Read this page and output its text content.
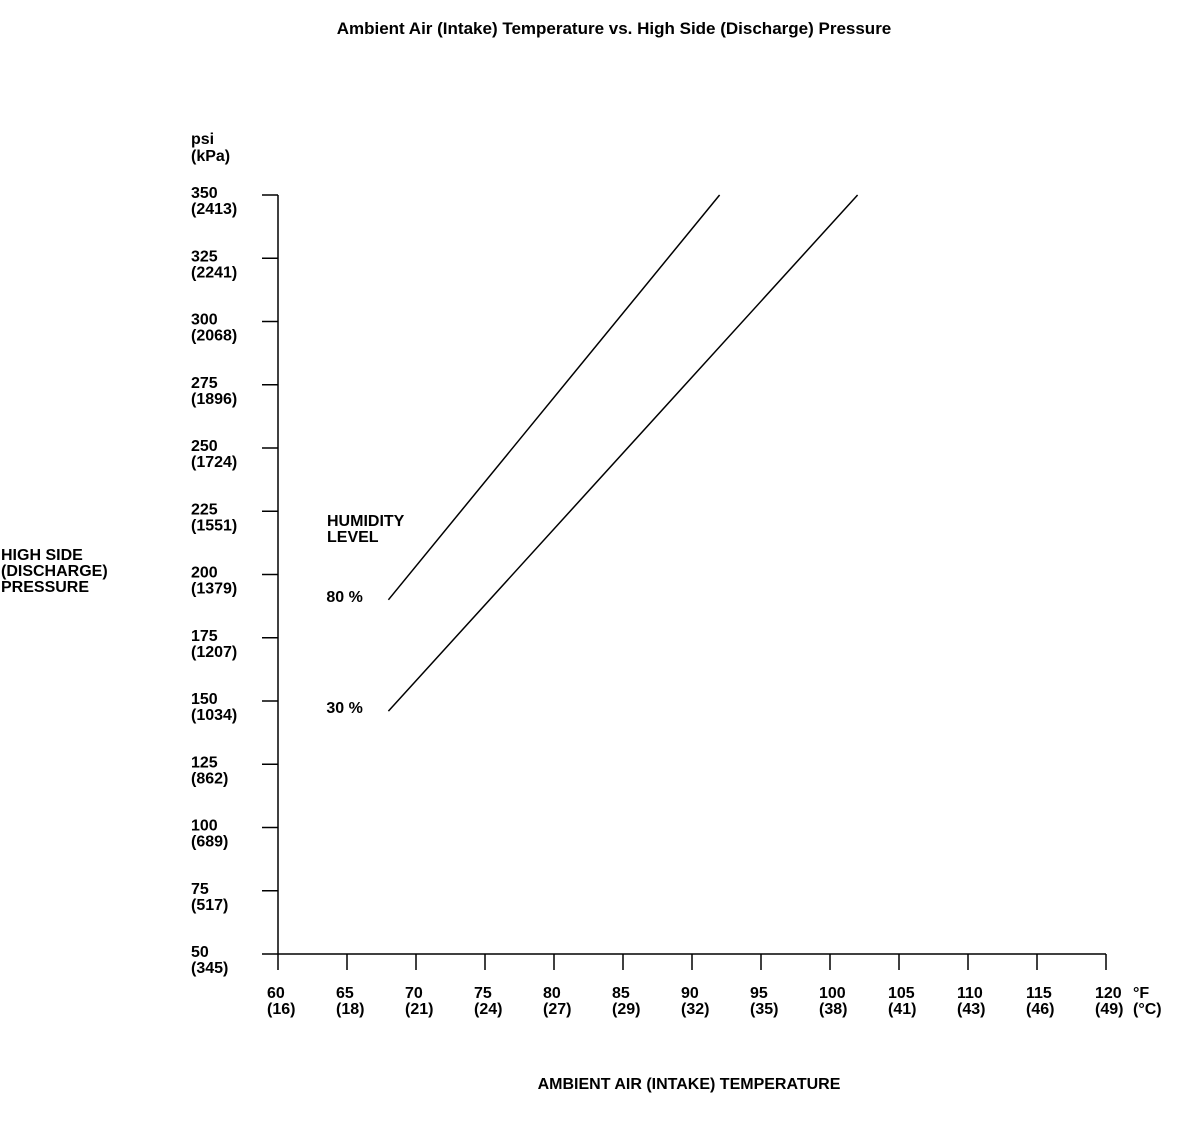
Ambient Air (Intake) Temperature vs. High Side (Discharge) Pressure
psi
(kPa)
HIGH SIDE
(DISCHARGE)
PRESSURE
350
(2413)
325
(2241)
300
(2068)
275
(1896)
250
(1724)
225
(1551)
200
(1379)
175
(1207)
150
(1034)
125
(862)
100
(689)
75
(517)
50
(345)
60
(16)
65
(18)
70
(21)
75
(24)
80
(27)
85
(29)
90
(32)
95
(35)
100
(38)
105
(41)
110
(43)
115
(46)
120
(49)
°F
(°C)
AMBIENT AIR (INTAKE) TEMPERATURE
HUMIDITY
LEVEL
80 %
30 %
